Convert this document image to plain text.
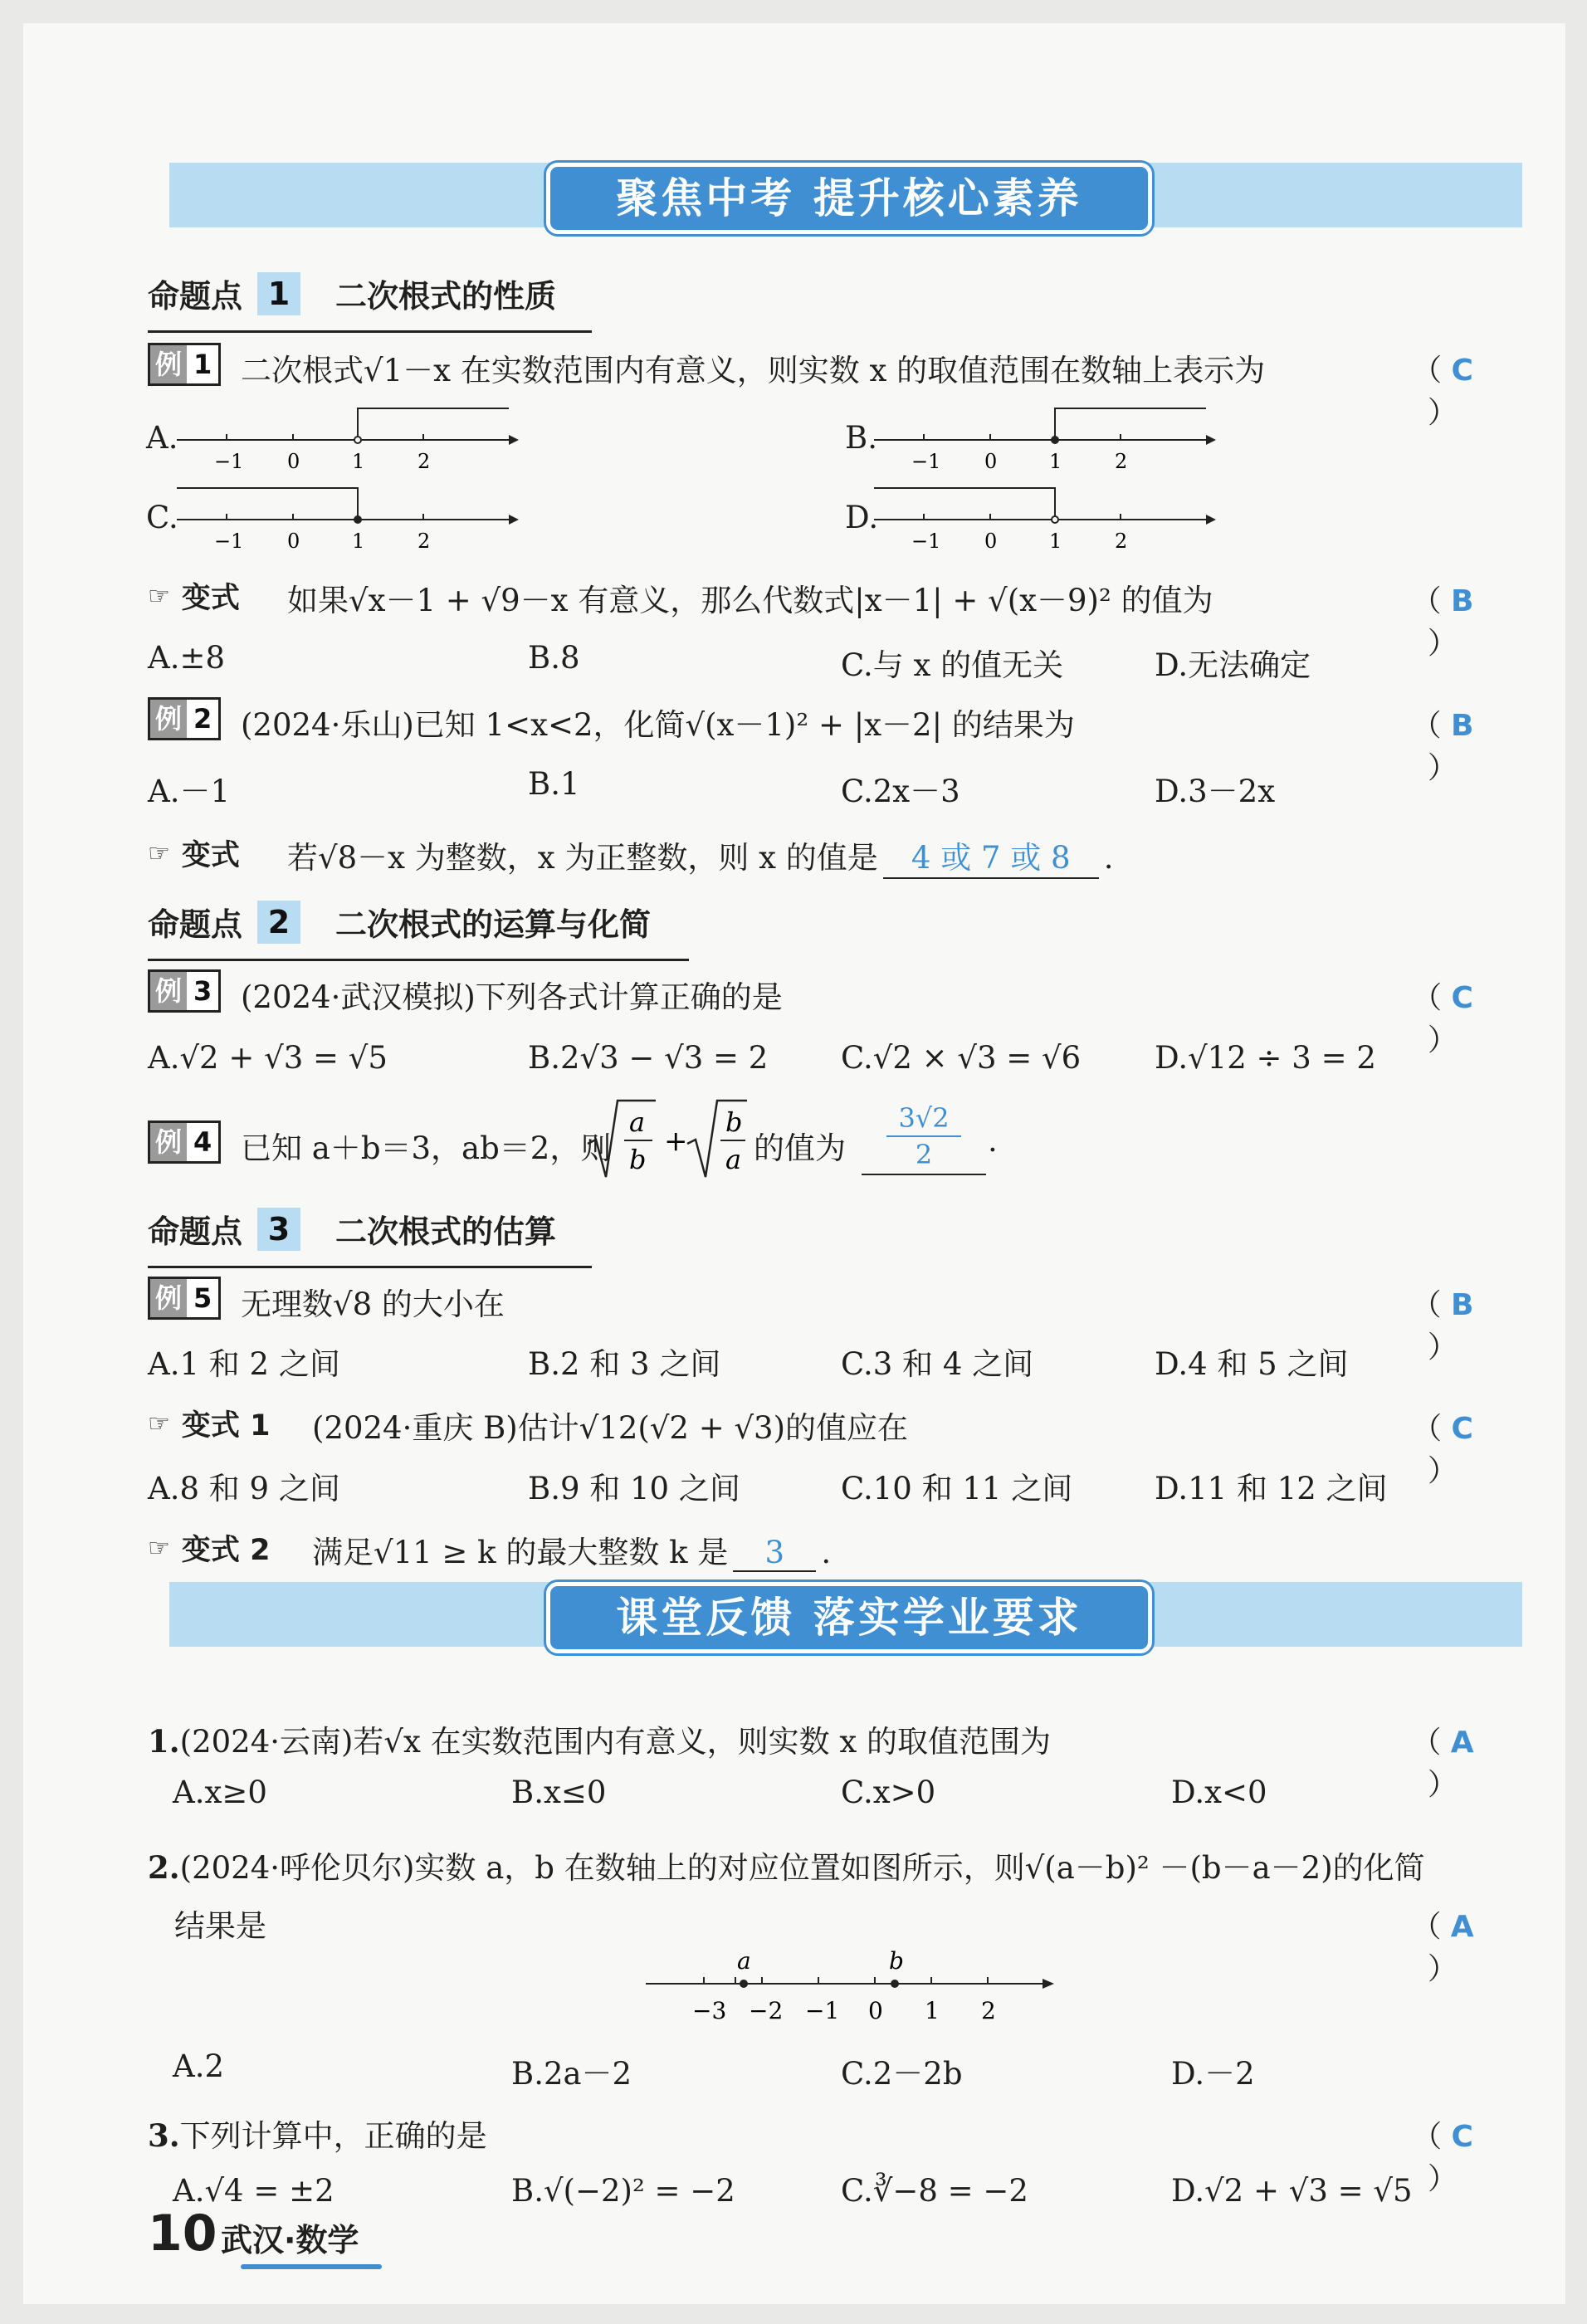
聚焦中考 提升核心素养
命题点 1	二次根式的性质
例 1 二次根式√1－x 在实数范围内有意义，则实数 x 的取值范围在数轴上表示为	（ C ）
A.
−1 0	1	2
B.
−1 0	1	2
C.
−1 0	1	2
D.
−1 0	1	2
☞ 变式 如果√x－1 + √9－x 有意义，那么代数式|x－1| + √(x－9)² 的值为	（ B ）
A.±8	B.8	C.与 x 的值无关	D.无法确定
例 2 (2024·乐山)已知 1<x<2，化简√(x－1)² + |x－2| 的结果为	（ B ）
A.－1	B.1	C.2x－3	D.3－2x
☞ 变式 若√8－x 为整数，x 为正整数，则 x 的值是	4 或 7 或 8	.
命题点 2	二次根式的运算与化简
例 3 (2024·武汉模拟)下列各式计算正确的是	（ C ）
A.√2 + √3 = √5	B.2√3 − √3 = 2 C.√2 × √3 = √6 D.√12 ÷ 3 = 2
例 4 已知 a＋b＝3，ab＝2，则
a
b
+
b
a 的值为
3√2
2	.
命题点 3	二次根式的估算
例 5 无理数√8 的大小在	（ B ）
A.1 和 2 之间	B.2 和 3 之间	C.3 和 4 之间	D.4 和 5 之间
☞ 变式 1 (2024·重庆 B)估计√12(√2 + √3)的值应在	（ C ）
A.8 和 9 之间	B.9 和 10 之间	C.10 和 11 之间	D.11 和 12 之间
☞ 变式 2 满足√11 ≥ k 的最大整数 k 是	3	.
课堂反馈 落实学业要求
1.(2024·云南)若√x 在实数范围内有意义，则实数 x 的取值范围为	（ A ）
A.x≥0	B.x≤0	C.x>0	D.x<0
2.(2024·呼伦贝尔)实数 a，b 在数轴上的对应位置如图所示，则√(a－b)² －(b－a－2)的化简
结果是	（ A ）
a	b
−3 −2 −1 0 1 2
A.2	B.2a－2	C.2－2b	D.－2
3.下列计算中，正确的是	（ C ）
A.√4 = ±2	B.√(−2)² = −2	C.∛−8 = −2	D.√2 + √3 = √5
10 武汉·数学
